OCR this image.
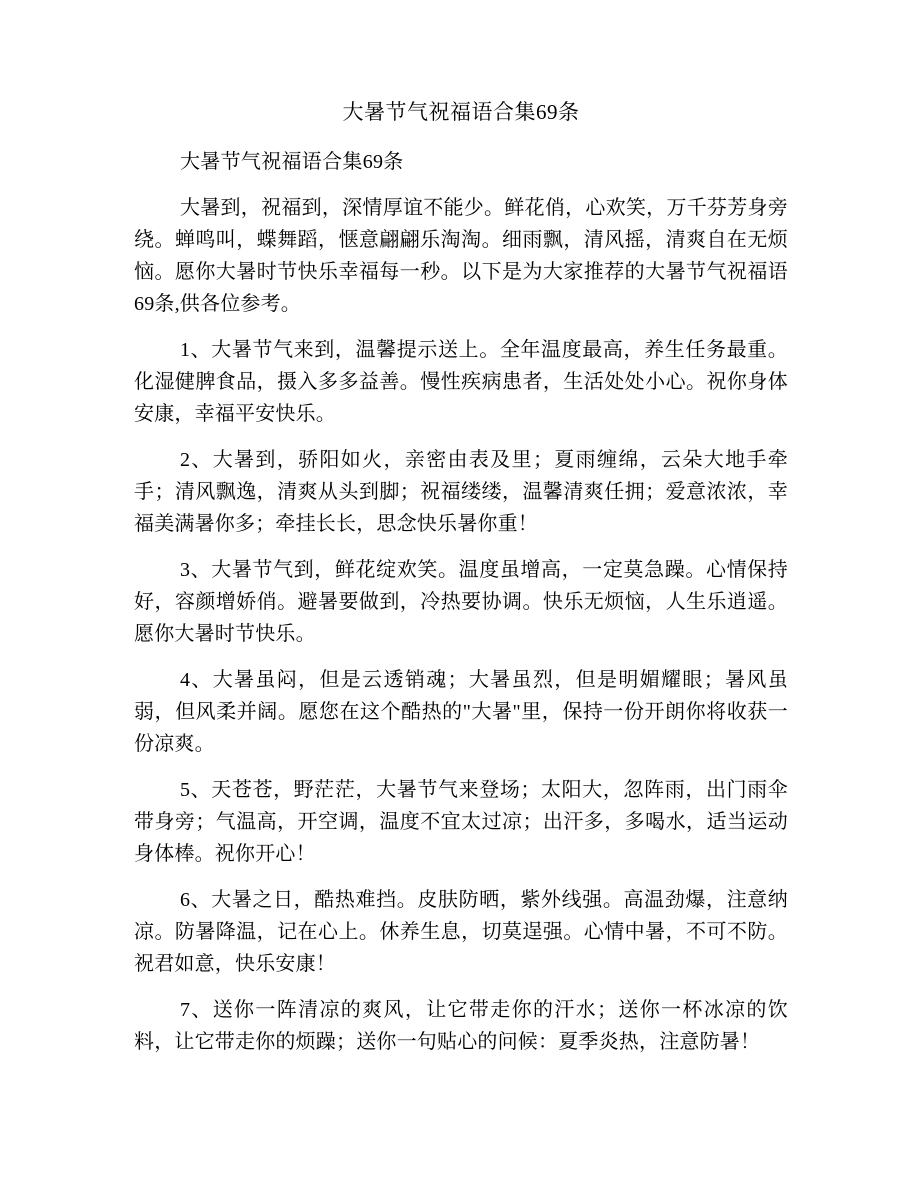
大暑节气祝福语合集69条

大暑节气祝福语合集69条

大暑到，祝福到，深情厚谊不能少。鲜花俏，心欢笑，万千芬芳身旁绕。蝉鸣叫，蝶舞蹈，惬意翩翩乐淘淘。细雨飘，清风摇，清爽自在无烦恼。愿你大暑时节快乐幸福每一秒。以下是为大家推荐的大暑节气祝福语69条,供各位参考。

1、大暑节气来到，温馨提示送上。全年温度最高，养生任务最重。化湿健脾食品，摄入多多益善。慢性疾病患者，生活处处小心。祝你身体安康，幸福平安快乐。

2、大暑到，骄阳如火，亲密由表及里；夏雨缠绵，云朵大地手牵手；清风飘逸，清爽从头到脚；祝福缕缕，温馨清爽任拥；爱意浓浓，幸福美满暑你多；牵挂长长，思念快乐暑你重！

3、大暑节气到，鲜花绽欢笑。温度虽增高，一定莫急躁。心情保持好，容颜增娇俏。避暑要做到，冷热要协调。快乐无烦恼，人生乐逍遥。愿你大暑时节快乐。

4、大暑虽闷，但是云透销魂；大暑虽烈，但是明媚耀眼；暑风虽弱，但风柔并阔。愿您在这个酷热的"大暑"里，保持一份开朗你将收获一份凉爽。

5、天苍苍，野茫茫，大暑节气来登场；太阳大，忽阵雨，出门雨伞带身旁；气温高，开空调，温度不宜太过凉；出汗多，多喝水，适当运动身体棒。祝你开心！

6、大暑之日，酷热难挡。皮肤防晒，紫外线强。高温劲爆，注意纳凉。防暑降温，记在心上。休养生息，切莫逞强。心情中暑，不可不防。祝君如意，快乐安康！

7、送你一阵清凉的爽风，让它带走你的汗水；送你一杯冰凉的饮料，让它带走你的烦躁；送你一句贴心的问候：夏季炎热，注意防暑！
